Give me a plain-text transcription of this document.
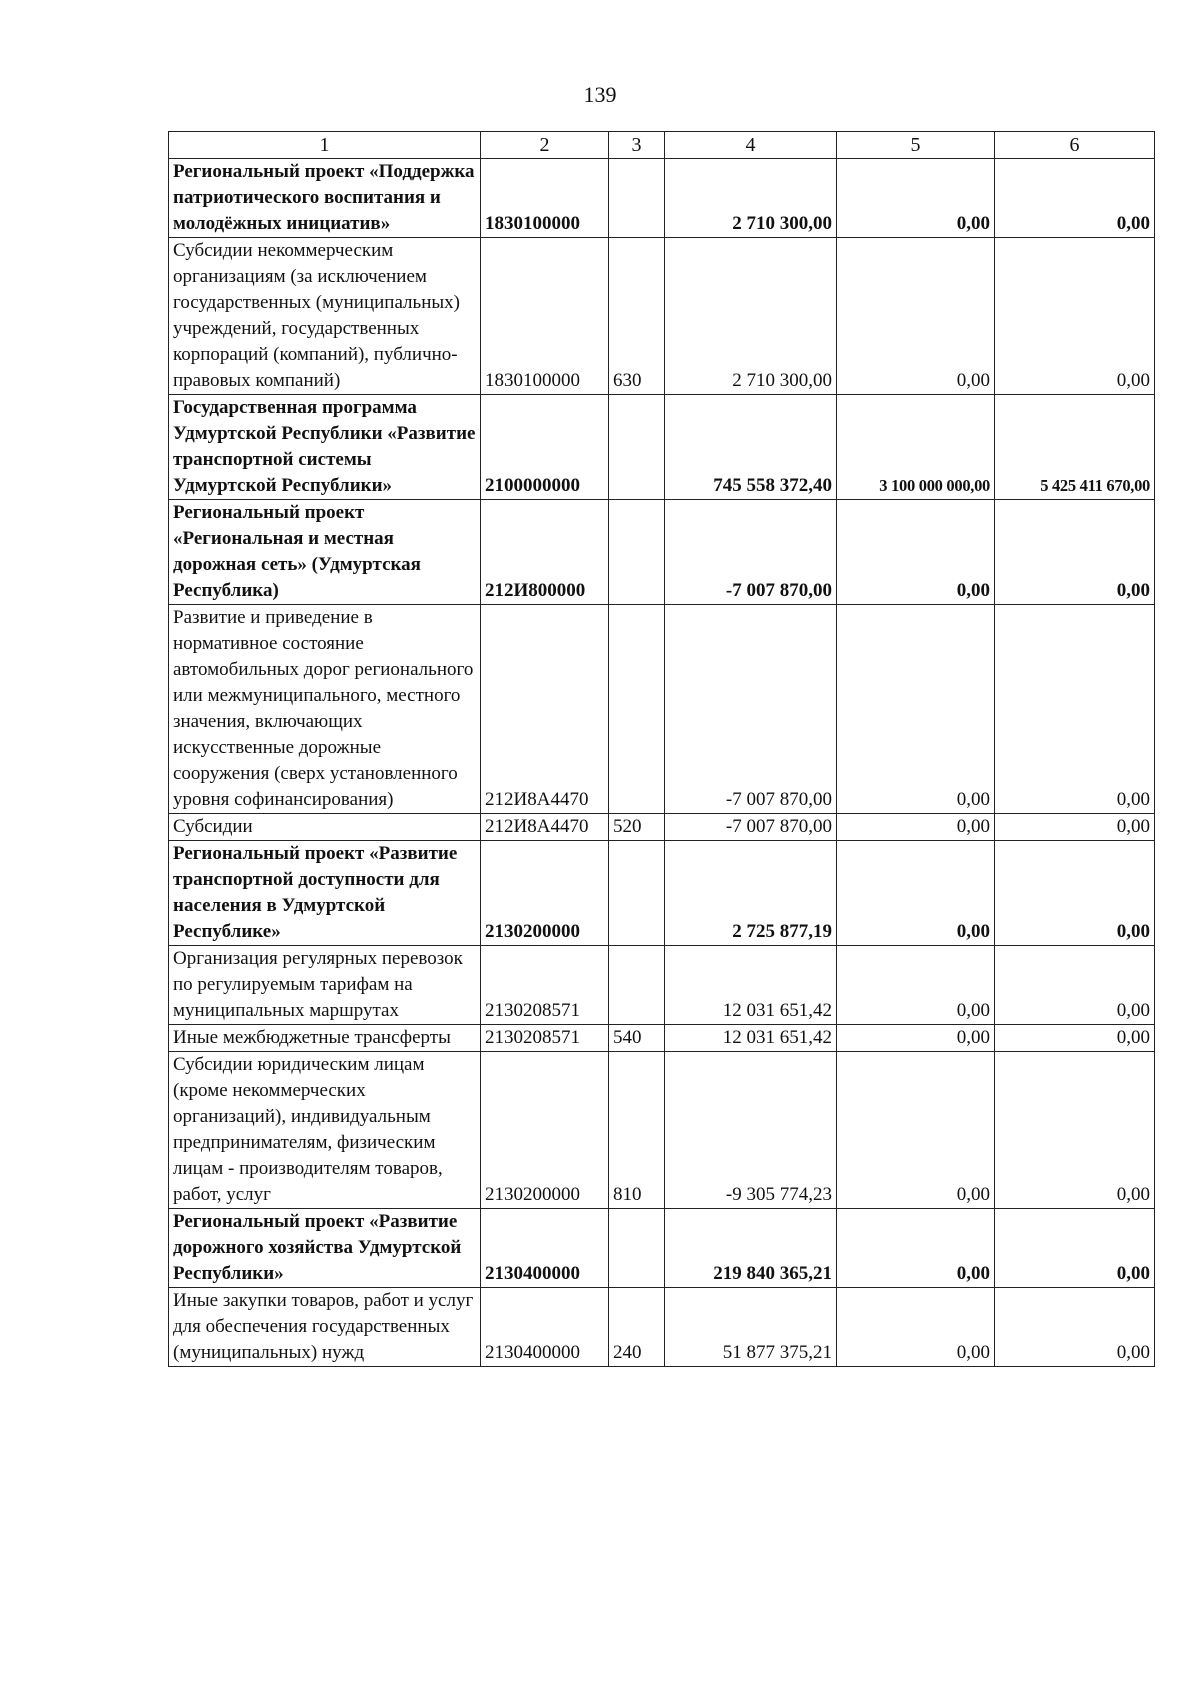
139
1	2	3	4	5	6
Региональный проект «Поддержка патриотического воспитания и молодёжных инициатив»	1830100000		2 710 300,00	0,00	0,00
Субсидии некоммерческим организациям (за исключением государственных (муниципальных) учреждений, государственных корпораций (компаний), публично-правовых компаний)	1830100000	630	2 710 300,00	0,00	0,00
Государственная программа Удмуртской Республики «Развитие транспортной системы Удмуртской Республики»	2100000000		745 558 372,40	3 100 000 000,00	5 425 411 670,00
Региональный проект «Региональная и местная дорожная сеть» (Удмуртская Республика)	212И800000		-7 007 870,00	0,00	0,00
Развитие и приведение в нормативное состояние автомобильных дорог регионального или межмуниципального, местного значения, включающих искусственные дорожные сооружения (сверх установленного уровня софинансирования)	212И8А4470		-7 007 870,00	0,00	0,00
Субсидии	212И8А4470	520	-7 007 870,00	0,00	0,00
Региональный проект «Развитие транспортной доступности для населения в Удмуртской Республике»	2130200000		2 725 877,19	0,00	0,00
Организация регулярных перевозок по регулируемым тарифам на муниципальных маршрутах	2130208571		12 031 651,42	0,00	0,00
Иные межбюджетные трансферты	2130208571	540	12 031 651,42	0,00	0,00
Субсидии юридическим лицам (кроме некоммерческих организаций), индивидуальным предпринимателям, физическим лицам - производителям товаров, работ, услуг	2130200000	810	-9 305 774,23	0,00	0,00
Региональный проект «Развитие дорожного хозяйства Удмуртской Республики»	2130400000		219 840 365,21	0,00	0,00
Иные закупки товаров, работ и услуг для обеспечения государственных (муниципальных) нужд	2130400000	240	51 877 375,21	0,00	0,00
